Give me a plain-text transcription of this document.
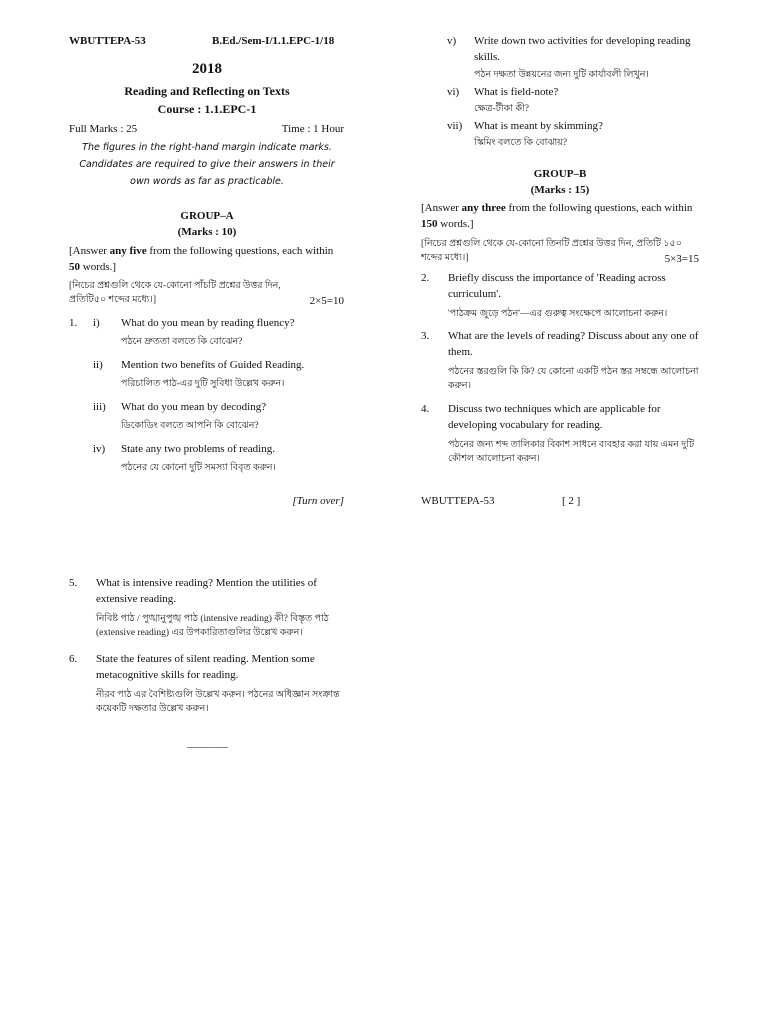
WBUTTEPA-53	B.Ed./Sem-I/1.1.EPC-1/18
2018
Reading and Reflecting on Texts
Course : 1.1.EPC-1
Full Marks : 25	Time : 1 Hour
The figures in the right-hand margin indicate marks. Candidates are required to give their answers in their own words as far as practicable.
GROUP–A
(Marks : 10)
[Answer any five from the following questions, each within 50 words.]
[নিচের প্রশ্নগুলি থেকে যে-কোনো পাঁচটি প্রশ্নের উত্তর দিন, প্রতিটি৫০ শব্দের মধ্যে।]	2×5=10
1. i) What do you mean by reading fluency?
পঠনে দ্রুততা বলতে কি বোঝেন?
ii) Mention two benefits of Guided Reading.
পরিচালিত পাঠ-এর দুটি সুবিধা উল্লেখ করুন।
iii) What do you mean by decoding?
ডিকোডিং বলতে আপনি কি বোঝেন?
iv) State any two problems of reading.
পঠনের যে কোনো দুটি সমস্যা বিবৃত করুন।
[Turn over]
v) Write down two activities for developing reading skills.
পঠন দক্ষতা উন্নয়নের জন্য দুটি কার্যাবলী লিখুন।
vi) What is field-note?
ক্ষেত্র-টীকা কী?
vii) What is meant by skimming?
স্কিমিং বলতে কি বোঝায়?
GROUP–B
(Marks : 15)
[Answer any three from the following questions, each within 150 words.]
[নিচের প্রশ্নগুলি থেকে যে-কোনো তিনটি প্রশ্নের উত্তর দিন, প্রতিটি ১৫০ শব্দের মধ্যে।]	5×3=15
2. Briefly discuss the importance of 'Reading across curriculum'.
'পাঠক্রম জুড়ে পঠন'—এর গুরুত্ব সংক্ষেপে আলোচনা করুন।
3. What are the levels of reading? Discuss about any one of them.
পঠনের স্তরগুলি কি কি? যে কোনো একটি পঠন স্তর সম্বন্ধে আলোচনা করুন।
4. Discuss two techniques which are applicable for developing vocabulary for reading.
পঠনের জন্য শব্দ তালিকার বিকাশ সাধনে ব্যবহার করা যায় এমন দুটি কৌশল আলোচনা করুন।
WBUTTEPA-53	[ 2 ]
5. What is intensive reading? Mention the utilities of extensive reading.
নিবিষ্ট পাঠ / পুঙ্খানুপুঙ্খ পাঠ (intensive reading) কী? বিস্তৃত পাঠ (extensive reading) এর উপকারিতাগুলির উল্লেখ করুন।
6. State the features of silent reading. Mention some metacognitive skills for reading.
নীরব পাঠ এর বৈশিষ্ট্যগুলি উল্লেখ করুন। পঠনের অধিজ্ঞান সংক্রান্ত কয়েকটি দক্ষতার উল্লেখ করুন।
————
